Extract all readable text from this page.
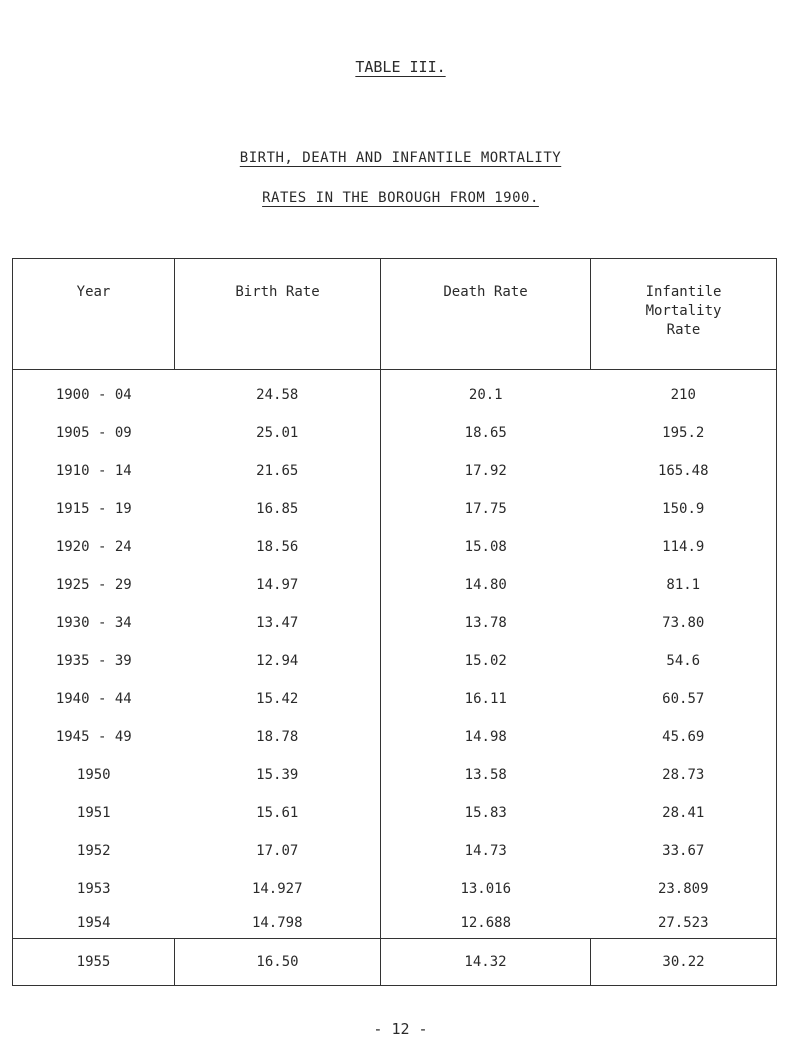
TABLE III.
BIRTH, DEATH AND INFANTILE MORTALITY
RATES IN THE BOROUGH FROM 1900.
Year	Birth Rate	Death Rate	Infantile
Mortality
Rate

1900 - 04	24.58	20.1	210
1905 - 09	25.01	18.65	195.2
1910 - 14	21.65	17.92	165.48
1915 - 19	16.85	17.75	150.9
1920 - 24	18.56	15.08	114.9
1925 - 29	14.97	14.80	81.1
1930 - 34	13.47	13.78	73.80
1935 - 39	12.94	15.02	54.6
1940 - 44	15.42	16.11	60.57
1945 - 49	18.78	14.98	45.69
1950	15.39	13.58	28.73
1951	15.61	15.83	28.41
1952	17.07	14.73	33.67
1953	14.927	13.016	23.809
1954	14.798	12.688	27.523
1955	16.50	14.32	30.22
- 12 -
